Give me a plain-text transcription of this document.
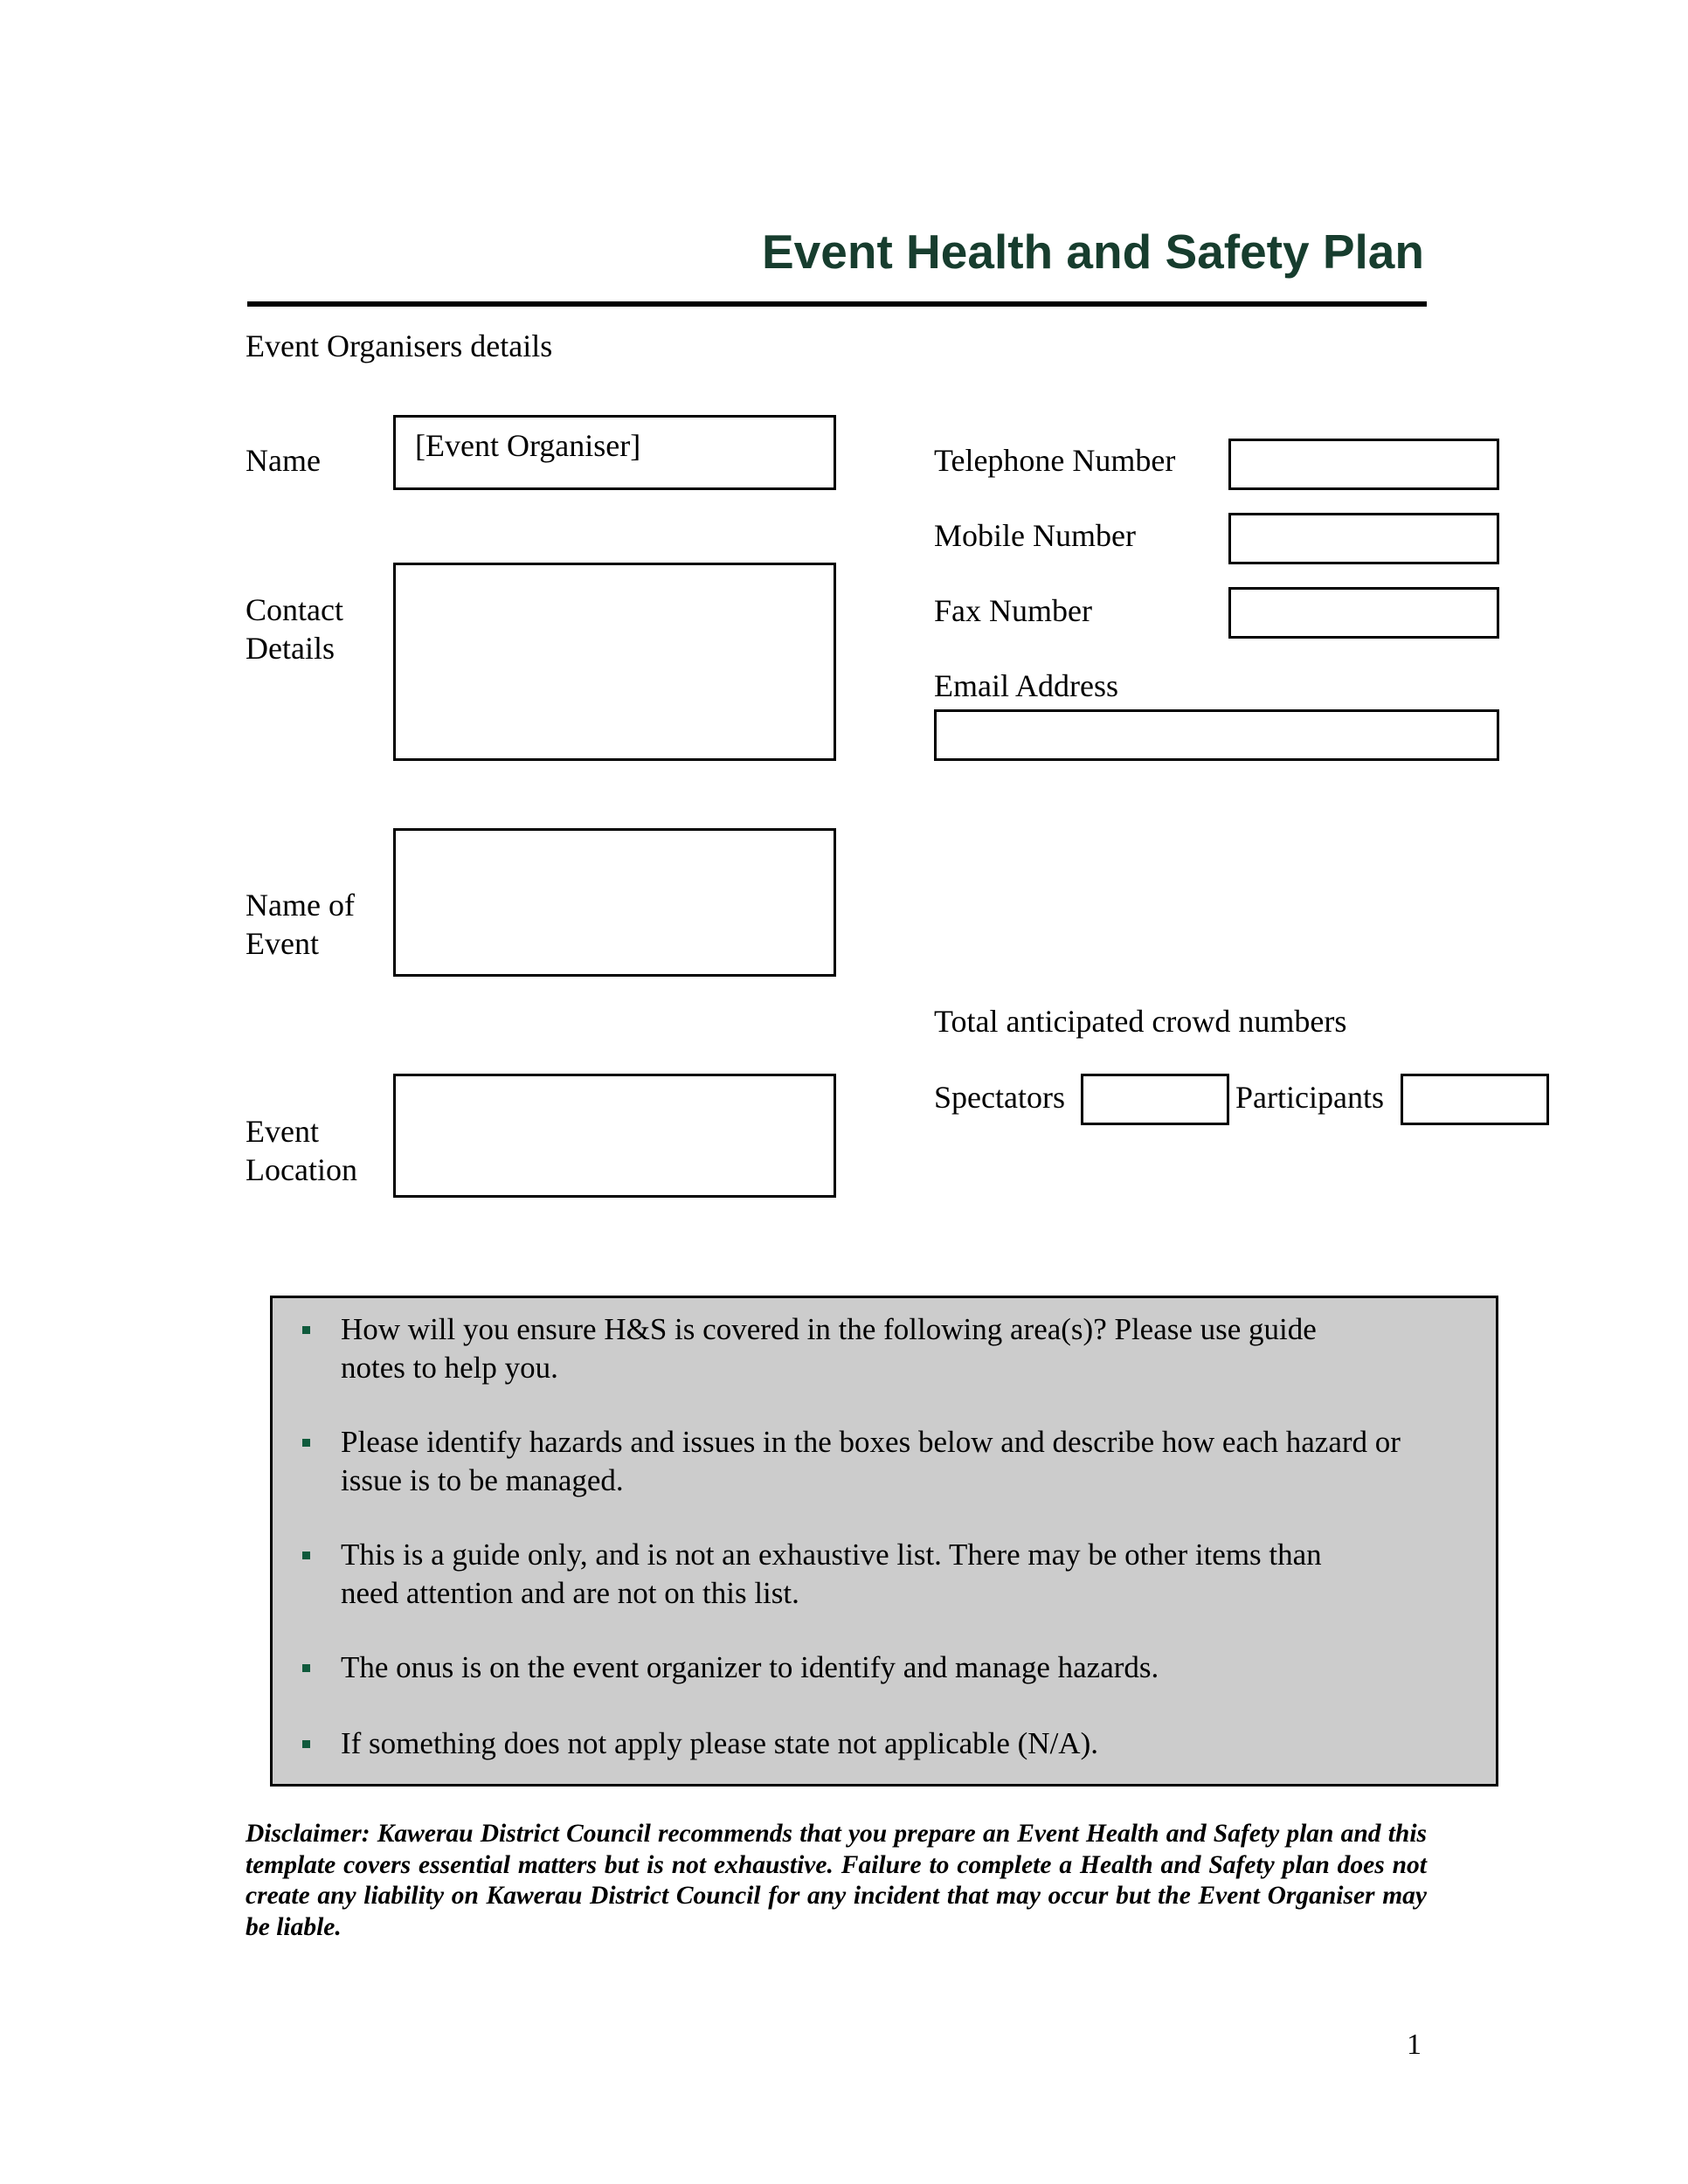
Event Health and Safety Plan
Event Organisers details
Name	[Event Organiser]
Contact
Details
Name of
Event
Event
Location
Telephone Number
Mobile Number
Fax Number
Email Address
Total anticipated crowd numbers
Spectators	Participants
How will you ensure H&S is covered in the following area(s)? Please use guide
notes to help you.
Please identify hazards and issues in the boxes below and describe how each hazard or
issue is to be managed.
This is a guide only, and is not an exhaustive list. There may be other items than
need attention and are not on this list.
The onus is on the event organizer to identify and manage hazards.
If something does not apply please state not applicable (N/A).
Disclaimer: Kawerau District Council recommends that you prepare an Event Health and Safety plan and this template covers essential matters but is not exhaustive. Failure to complete a Health and Safety plan does not create any liability on Kawerau District Council for any incident that may occur but the Event Organiser may be liable.
1
